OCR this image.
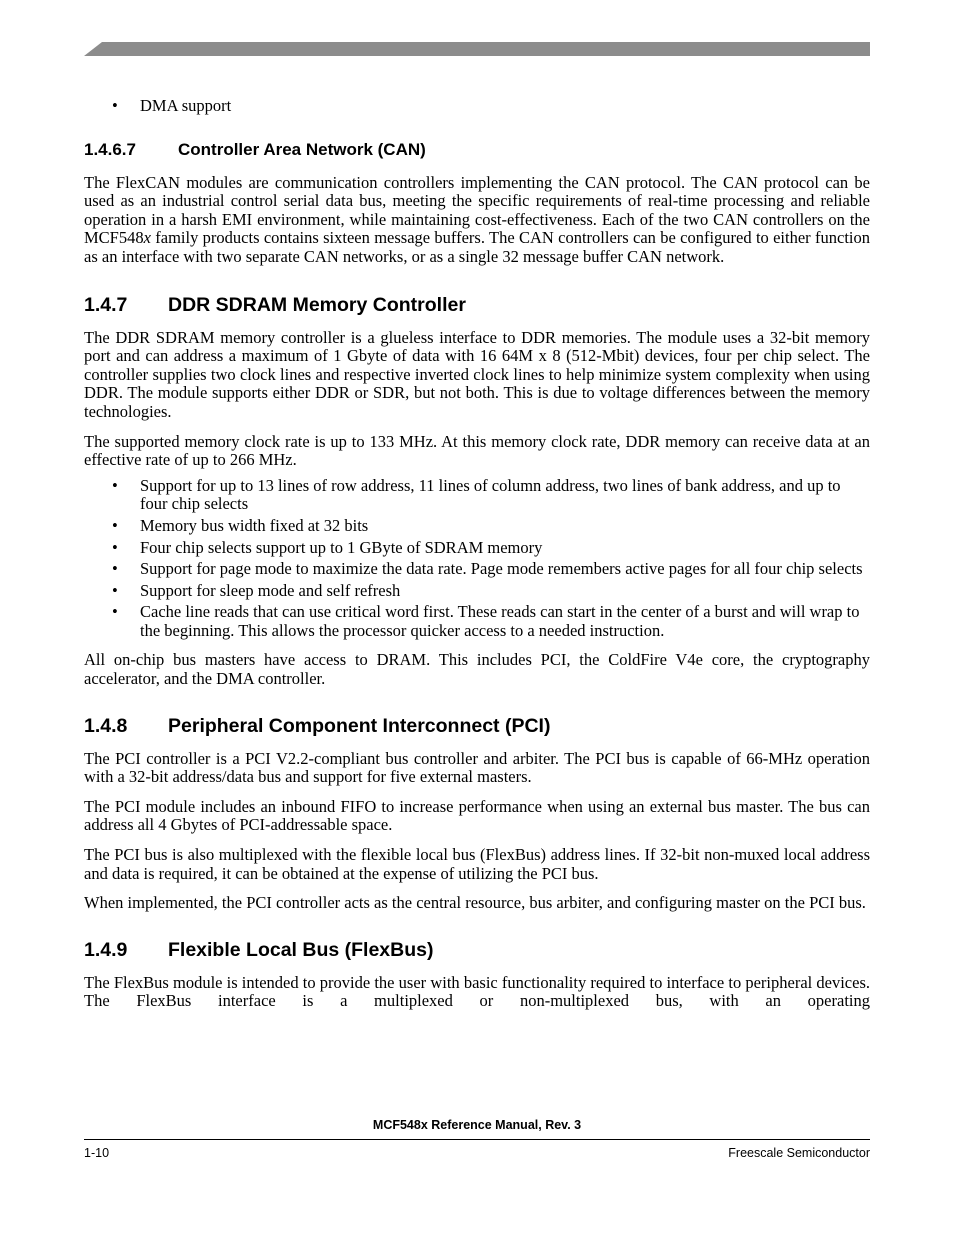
• DMA support
1.4.6.7	Controller Area Network (CAN)

The FlexCAN modules are communication controllers implementing the CAN protocol. The CAN protocol can be used as an industrial control serial data bus, meeting the specific requirements of real-time processing and reliable operation in a harsh EMI environment, while maintaining cost-effectiveness. Each of the two CAN controllers on the MCF548x family products contains sixteen message buffers. The CAN controllers can be configured to either function as an interface with two separate CAN networks, or as a single 32 message buffer CAN network.

1.4.7	DDR SDRAM Memory Controller

The DDR SDRAM memory controller is a glueless interface to DDR memories. The module uses a 32-bit memory port and can address a maximum of 1 Gbyte of data with 16 64M x 8 (512-Mbit) devices, four per chip select. The controller supplies two clock lines and respective inverted clock lines to help minimize system complexity when using DDR. The module supports either DDR or SDR, but not both. This is due to voltage differences between the memory technologies.

The supported memory clock rate is up to 133 MHz. At this memory clock rate, DDR memory can receive data at an effective rate of up to 266 MHz.

• Support for up to 13 lines of row address, 11 lines of column address, two lines of bank address, and up to four chip selects
• Memory bus width fixed at 32 bits
• Four chip selects support up to 1 GByte of SDRAM memory
• Support for page mode to maximize the data rate. Page mode remembers active pages for all four chip selects
• Support for sleep mode and self refresh
• Cache line reads that can use critical word first. These reads can start in the center of a burst and will wrap to the beginning. This allows the processor quicker access to a needed instruction.

All on-chip bus masters have access to DRAM. This includes PCI, the ColdFire V4e core, the cryptography accelerator, and the DMA controller.

1.4.8	Peripheral Component Interconnect (PCI)

The PCI controller is a PCI V2.2-compliant bus controller and arbiter. The PCI bus is capable of 66-MHz operation with a 32-bit address/data bus and support for five external masters.

The PCI module includes an inbound FIFO to increase performance when using an external bus master. The bus can address all 4 Gbytes of PCI-addressable space.

The PCI bus is also multiplexed with the flexible local bus (FlexBus) address lines. If 32-bit non-muxed local address and data is required, it can be obtained at the expense of utilizing the PCI bus.

When implemented, the PCI controller acts as the central resource, bus arbiter, and configuring master on the PCI bus.

1.4.9	Flexible Local Bus (FlexBus)

The FlexBus module is intended to provide the user with basic functionality required to interface to peripheral devices. The FlexBus interface is a multiplexed or non-multiplexed bus, with an operating

MCF548x Reference Manual, Rev. 3
1-10	Freescale Semiconductor
